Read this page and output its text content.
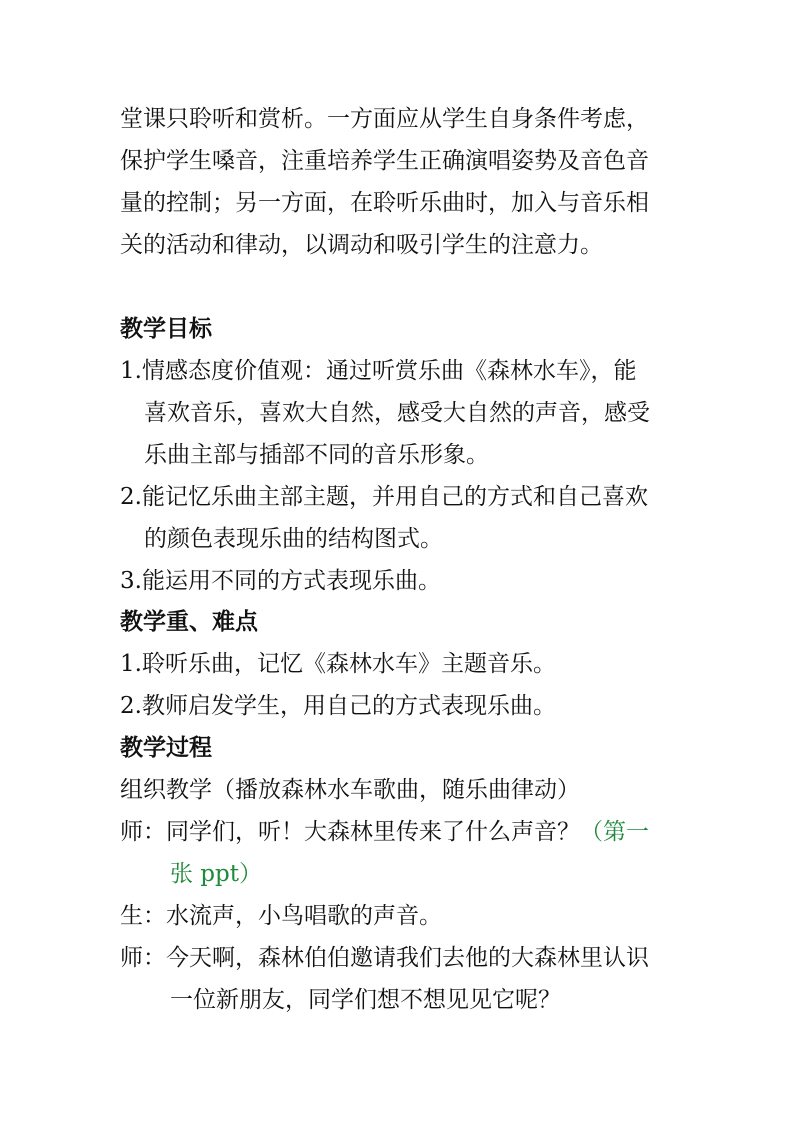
堂课只聆听和赏析。一方面应从学生自身条件考虑，
保护学生嗓音，注重培养学生正确演唱姿势及音色音
量的控制；另一方面，在聆听乐曲时，加入与音乐相
关的活动和律动，以调动和吸引学生的注意力。
教学目标
1.情感态度价值观：通过听赏乐曲《森林水车》，能
喜欢音乐，喜欢大自然，感受大自然的声音，感受
乐曲主部与插部不同的音乐形象。
2.能记忆乐曲主部主题，并用自己的方式和自己喜欢
的颜色表现乐曲的结构图式。
3.能运用不同的方式表现乐曲。
教学重、难点
1.聆听乐曲，记忆《森林水车》主题音乐。
2.教师启发学生，用自己的方式表现乐曲。
教学过程
组织教学（播放森林水车歌曲，随乐曲律动）
师：同学们，听！大森林里传来了什么声音？（第一
张 ppt）
生：水流声，小鸟唱歌的声音。
师：今天啊，森林伯伯邀请我们去他的大森林里认识
一位新朋友，同学们想不想见见它呢？
